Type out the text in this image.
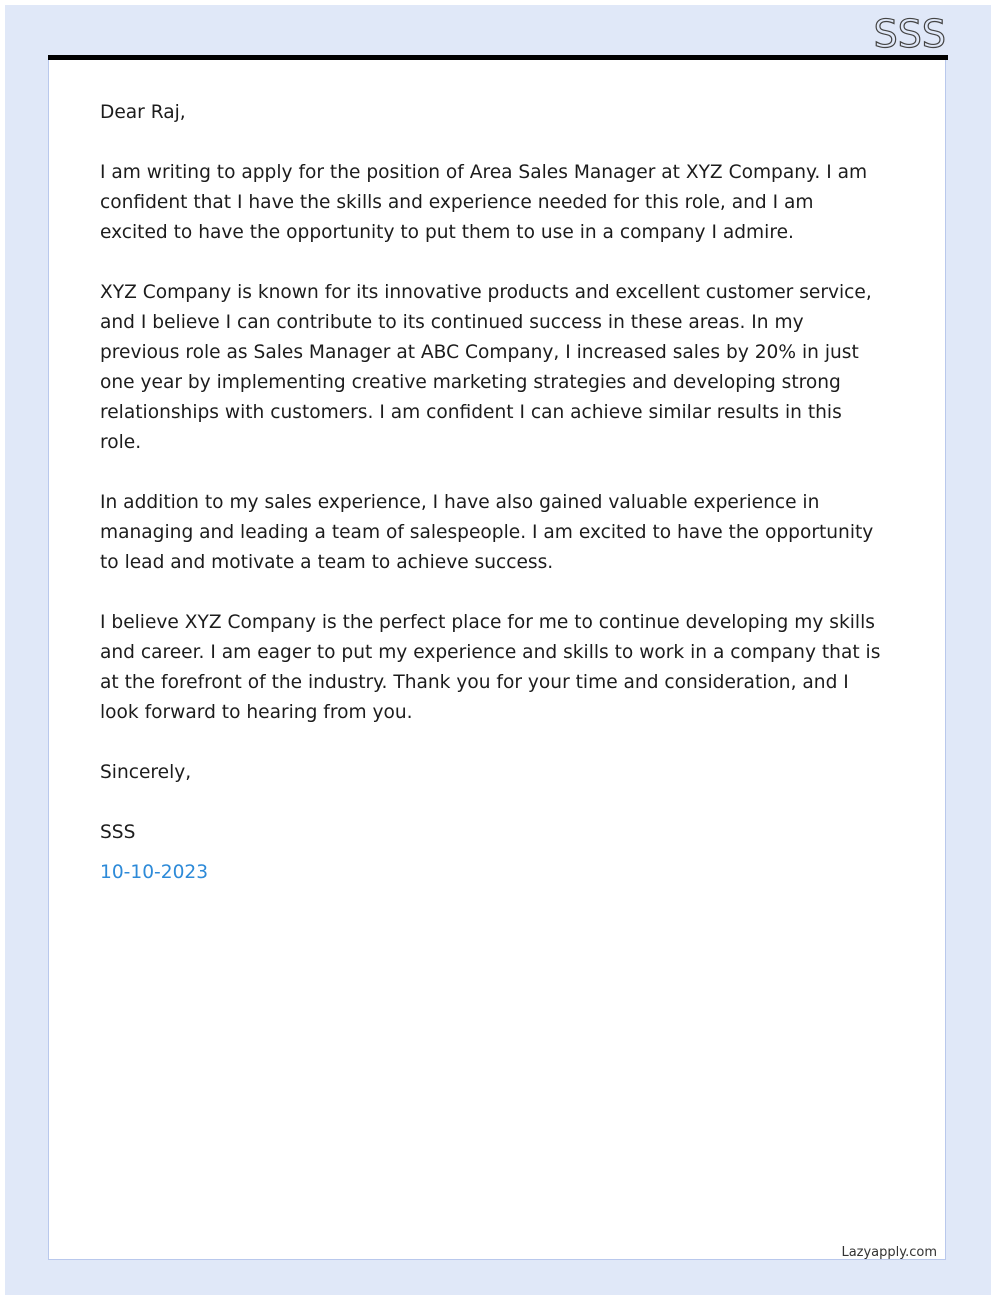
SSS

Dear Raj,

I am writing to apply for the position of Area Sales Manager at XYZ Company. I am confident that I have the skills and experience needed for this role, and I am excited to have the opportunity to put them to use in a company I admire.

XYZ Company is known for its innovative products and excellent customer service, and I believe I can contribute to its continued success in these areas. In my previous role as Sales Manager at ABC Company, I increased sales by 20% in just one year by implementing creative marketing strategies and developing strong relationships with customers. I am confident I can achieve similar results in this role.

In addition to my sales experience, I have also gained valuable experience in managing and leading a team of salespeople. I am excited to have the opportunity to lead and motivate a team to achieve success.

I believe XYZ Company is the perfect place for me to continue developing my skills and career. I am eager to put my experience and skills to work in a company that is at the forefront of the industry. Thank you for your time and consideration, and I look forward to hearing from you.

Sincerely,

SSS

10-10-2023

Lazyapply.com
